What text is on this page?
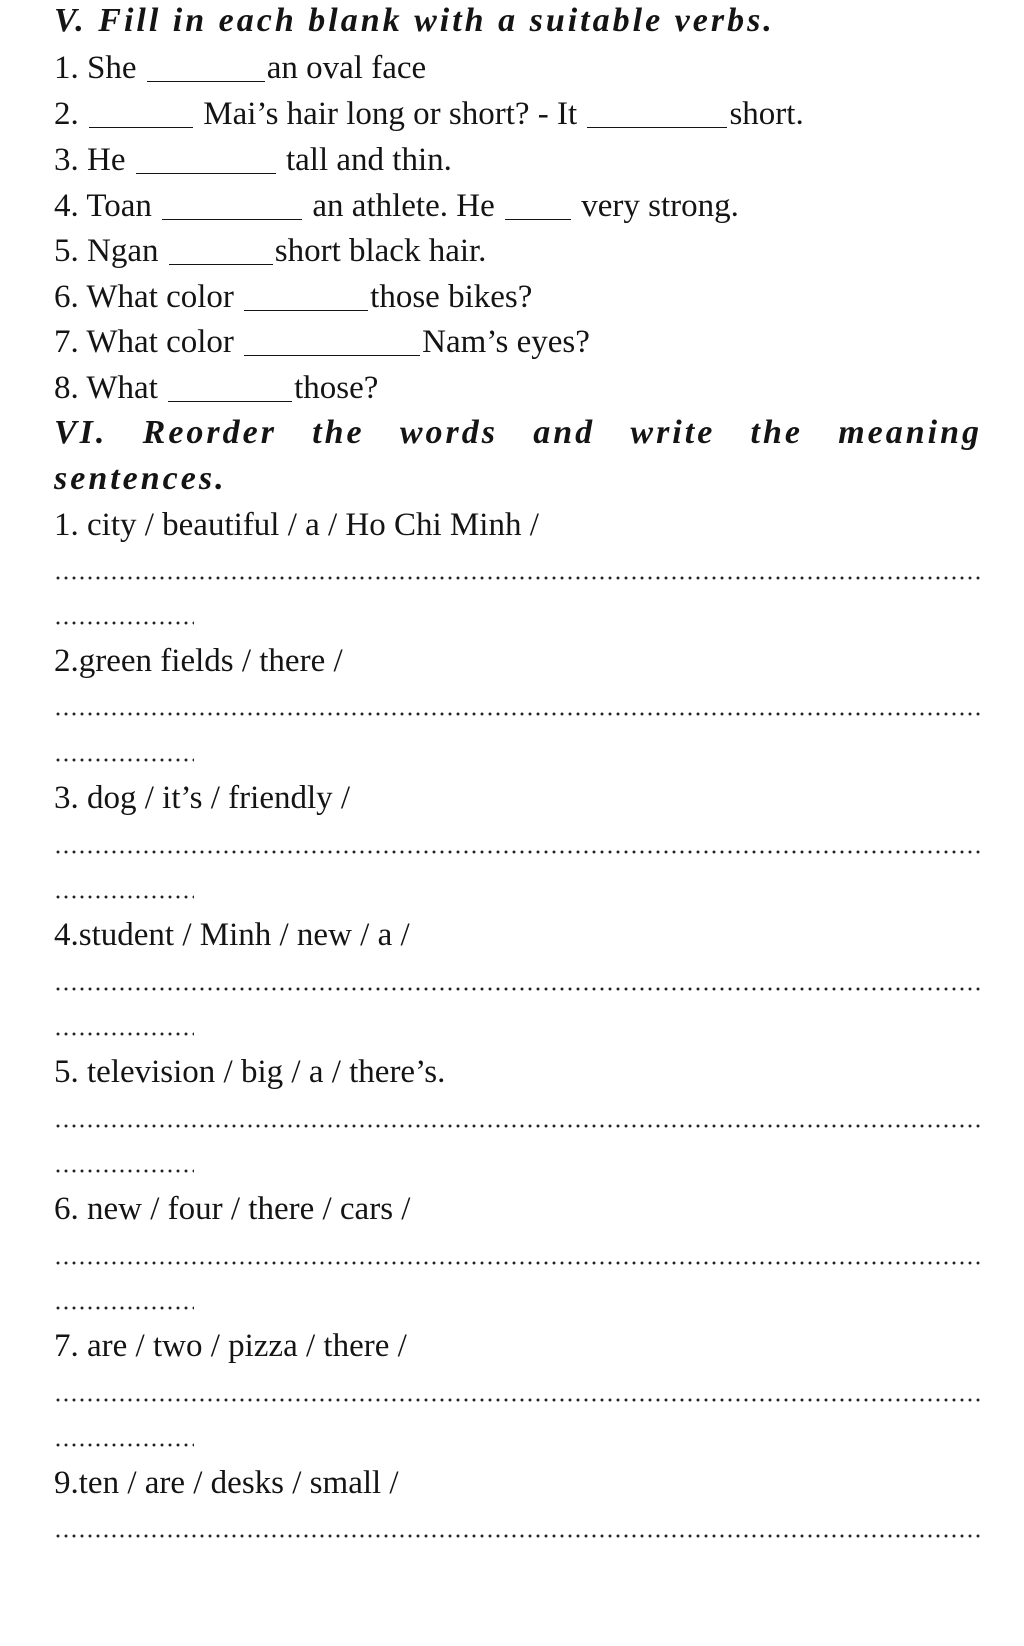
V. Fill in each blank with a suitable verbs.
1. She	an oval face
2.	Mai’s hair long or short? - It	short.
3. He	tall and thin.
4. Toan	an athlete. He	very strong.
5. Ngan	short black hair.
6. What color	those bikes?
7. What color	Nam’s eyes?
8. What	those?
VI. Reorder the words and write the meaning
sentences.
1. city / beautiful / a / Ho Chi Minh /
2.green fields / there /
3. dog / it’s / friendly /
4.student / Minh / new / a /
5. television / big / a / there’s.
6. new / four / there / cars /
7. are / two / pizza / there /
9.ten / are / desks / small /
